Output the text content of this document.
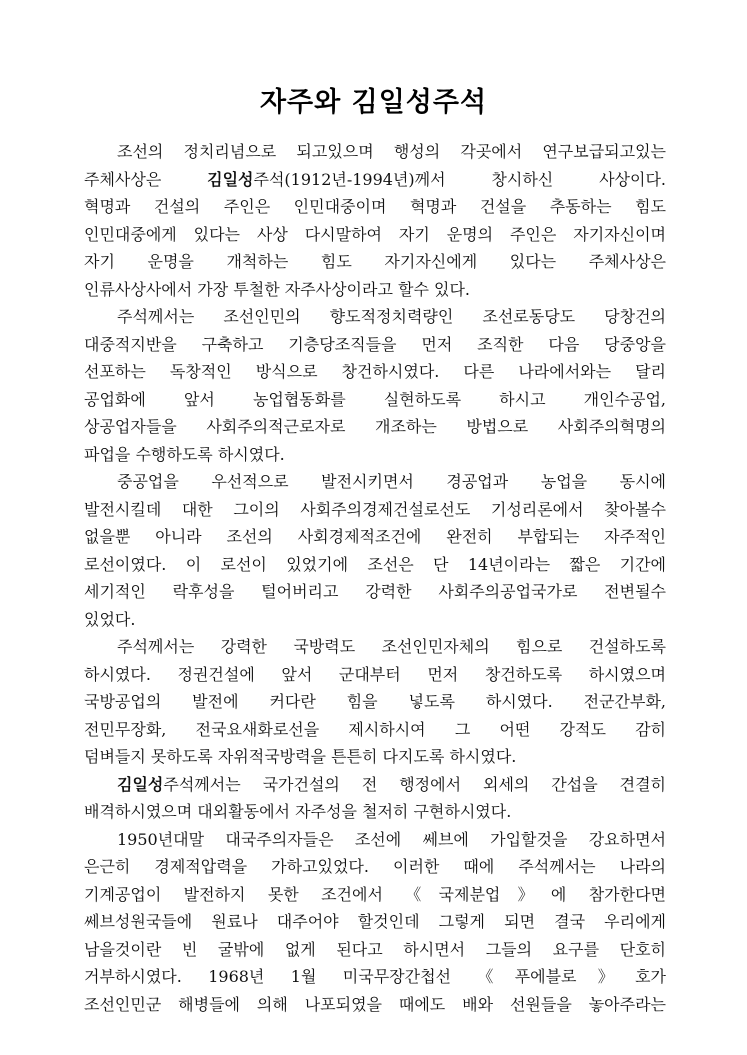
자주와 김일성주석
조선의 정치리념으로 되고있으며 행성의 각곳에서 연구보급되고있는
주체사상은 김일성주석(1912년-1994년)께서 창시하신 사상이다.
혁명과 건설의 주인은 인민대중이며 혁명과 건설을 추동하는 힘도
인민대중에게 있다는 사상 다시말하여 자기 운명의 주인은 자기자신이며
자기 운명을 개척하는 힘도 자기자신에게 있다는 주체사상은
인류사상사에서 가장 투철한 자주사상이라고 할수 있다.
주석께서는 조선인민의 향도적정치력량인 조선로동당도 당창건의
대중적지반을 구축하고 기층당조직들을 먼저 조직한 다음 당중앙을
선포하는 독창적인 방식으로 창건하시였다. 다른 나라에서와는 달리
공업화에 앞서 농업협동화를 실현하도록 하시고 개인수공업,
상공업자들을 사회주의적근로자로 개조하는 방법으로 사회주의혁명의
파업을 수행하도록 하시였다.
중공업을 우선적으로 발전시키면서 경공업과 농업을 동시에
발전시킬데 대한 그이의 사회주의경제건설로선도 기성리론에서 찾아볼수
없을뿐 아니라 조선의 사회경제적조건에 완전히 부합되는 자주적인
로선이였다. 이 로선이 있었기에 조선은 단 14년이라는 짧은 기간에
세기적인 락후성을 털어버리고 강력한 사회주의공업국가로 전변될수
있었다.
주석께서는 강력한 국방력도 조선인민자체의 힘으로 건설하도록
하시였다. 정권건설에 앞서 군대부터 먼저 창건하도록 하시였으며
국방공업의 발전에 커다란 힘을 넣도록 하시였다. 전군간부화,
전민무장화, 전국요새화로선을 제시하시여 그 어떤 강적도 감히
덤벼들지 못하도록 자위적국방력을 튼튼히 다지도록 하시였다.
김일성주석께서는 국가건설의 전 행정에서 외세의 간섭을 견결히
배격하시였으며 대외활동에서 자주성을 철저히 구현하시였다.
1950년대말 대국주의자들은 조선에 쎄브에 가입할것을 강요하면서
은근히 경제적압력을 가하고있었다. 이러한 때에 주석께서는 나라의
기계공업이 발전하지 못한 조건에서 《국제분업》에 참가한다면
쎄브성원국들에 원료나 대주어야 할것인데 그렇게 되면 결국 우리에게
남을것이란 빈 굴밖에 없게 된다고 하시면서 그들의 요구를 단호히
거부하시였다. 1968년 1월 미국무장간첩선 《푸에블로》호가
조선인민군 해병들에 의해 나포되였을 때에도 배와 선원들을 놓아주라는
